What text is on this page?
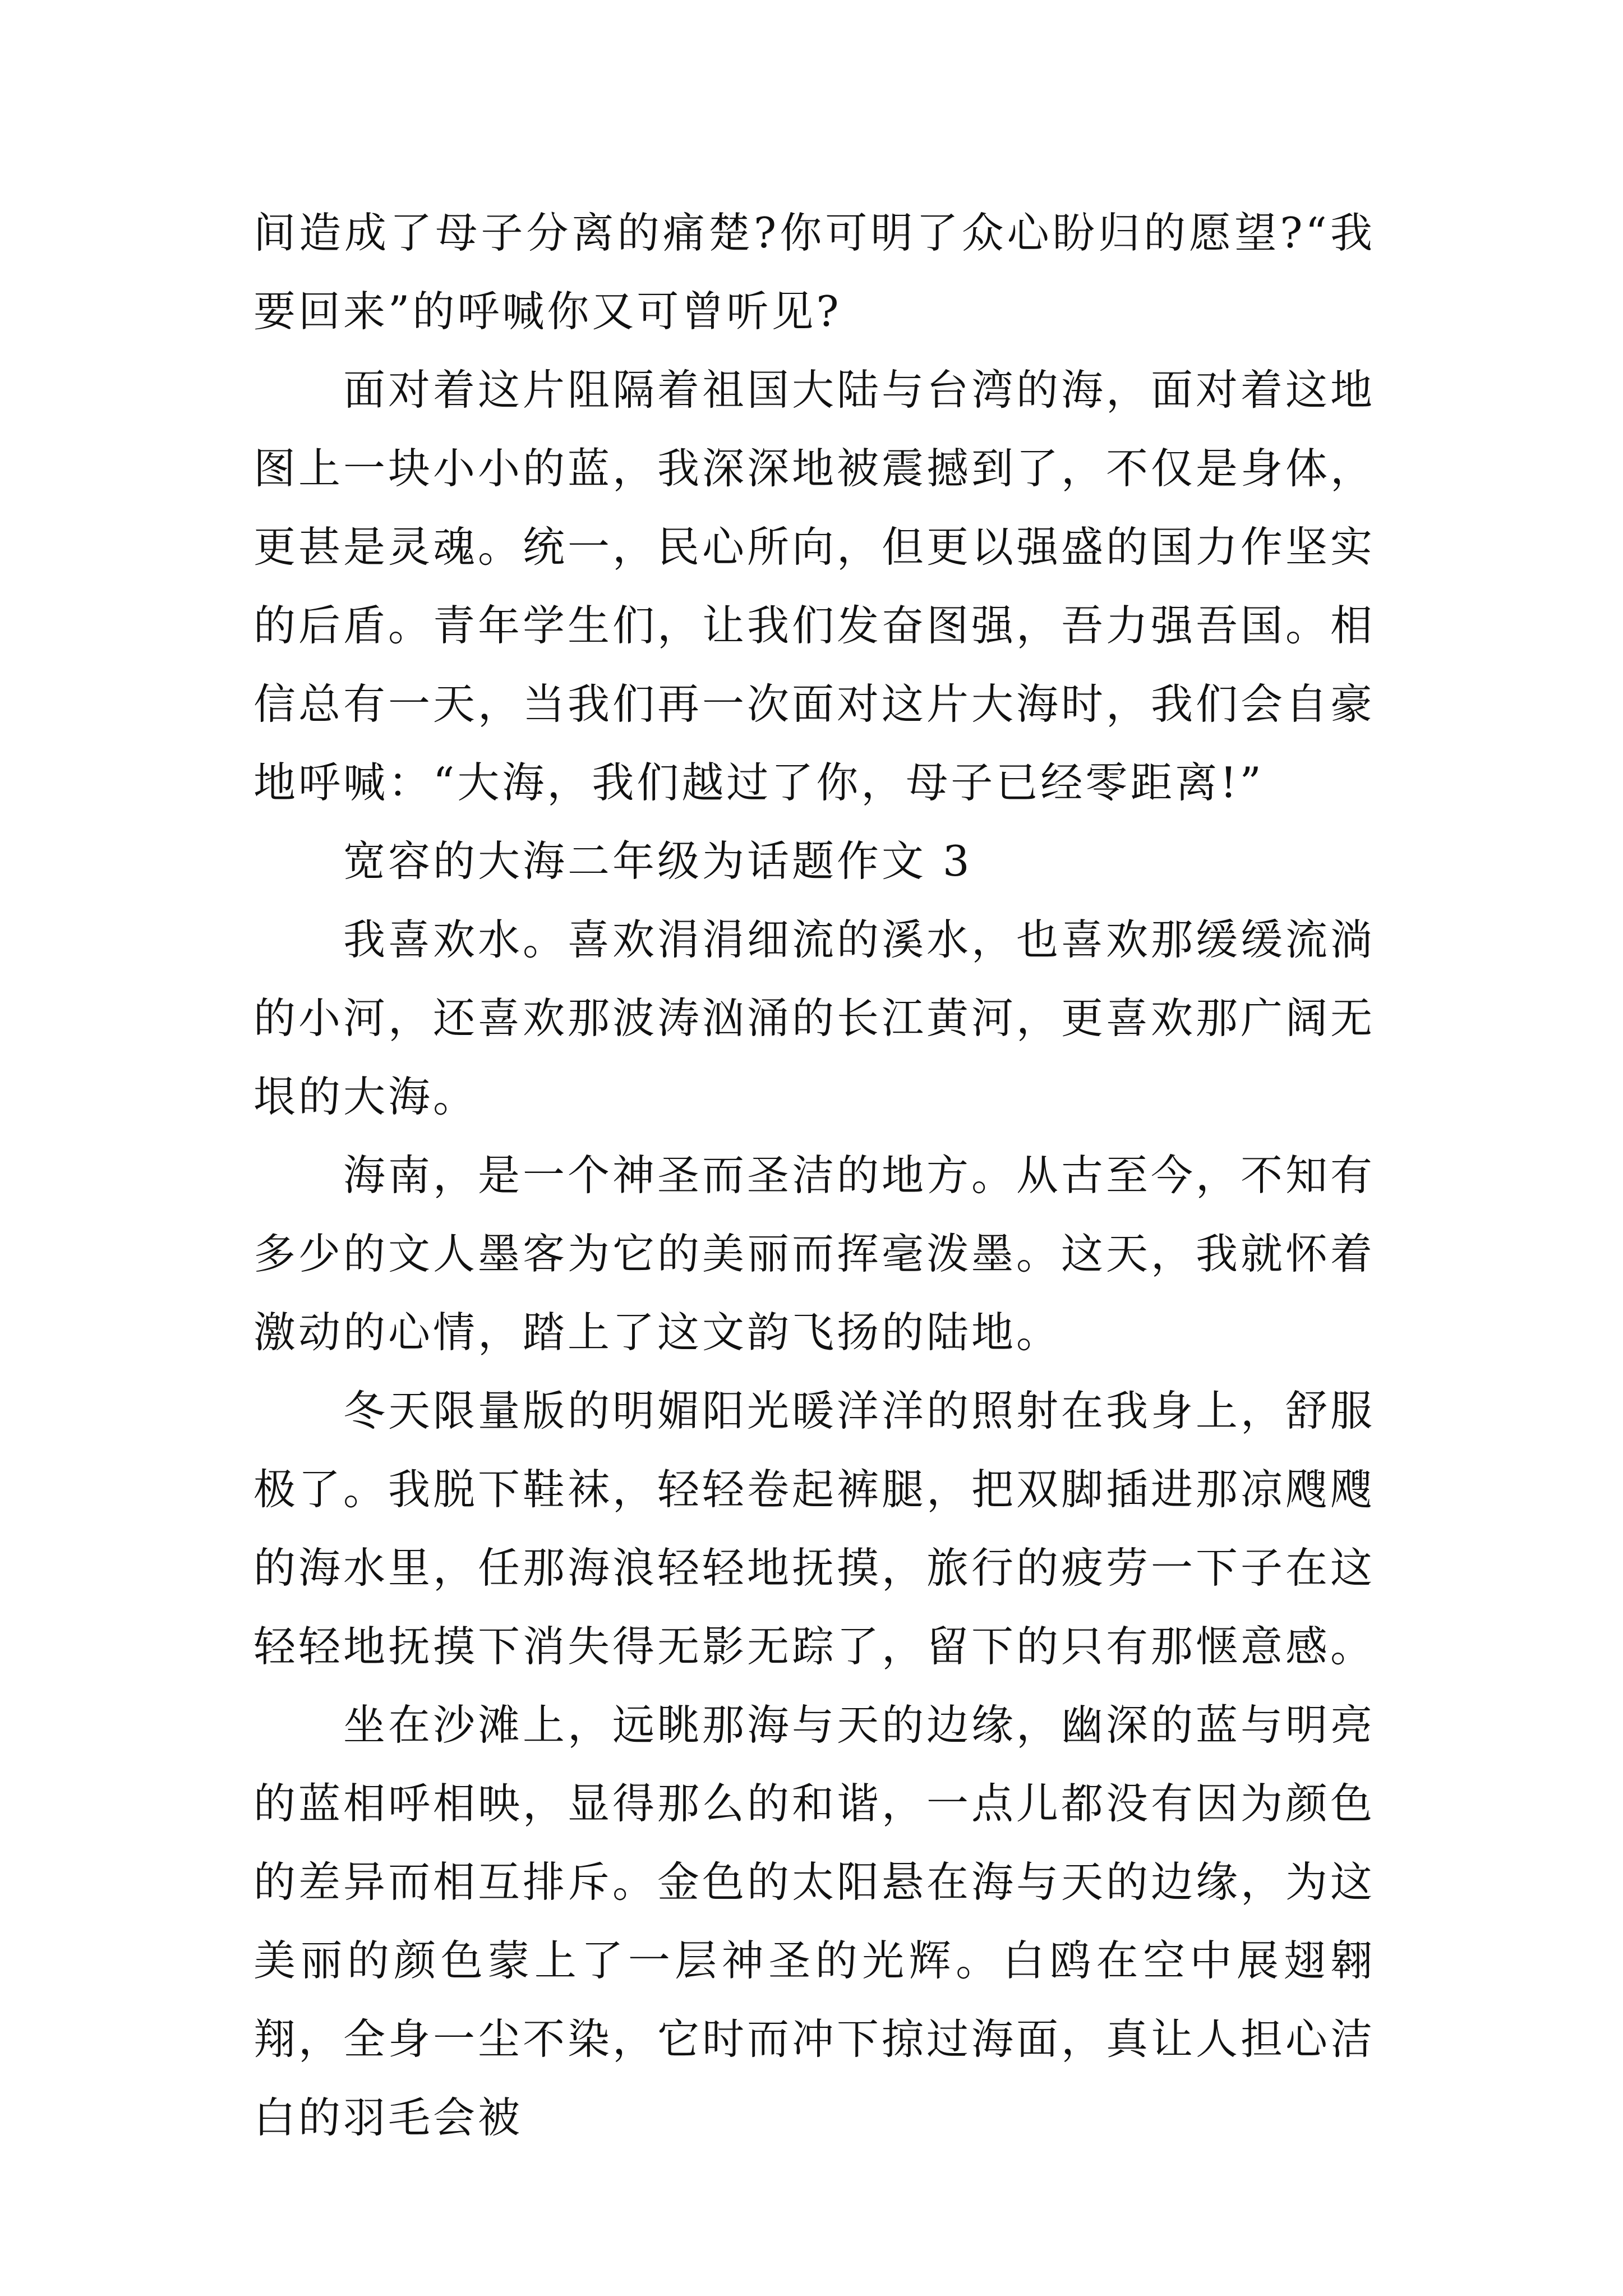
间造成了母子分离的痛楚?你可明了众心盼归的愿望?“我要回来”的呼喊你又可曾听见?

面对着这片阻隔着祖国大陆与台湾的海，面对着这地图上一块小小的蓝，我深深地被震撼到了，不仅是身体，更甚是灵魂。统一，民心所向，但更以强盛的国力作坚实的后盾。青年学生们，让我们发奋图强，吾力强吾国。相信总有一天，当我们再一次面对这片大海时，我们会自豪地呼喊：“大海，我们越过了你，母子已经零距离!”

宽容的大海二年级为话题作文 3

我喜欢水。喜欢涓涓细流的溪水，也喜欢那缓缓流淌的小河，还喜欢那波涛汹涌的长江黄河，更喜欢那广阔无垠的大海。

海南，是一个神圣而圣洁的地方。从古至今，不知有多少的文人墨客为它的美丽而挥毫泼墨。这天，我就怀着激动的心情，踏上了这文韵飞扬的陆地。

冬天限量版的明媚阳光暖洋洋的照射在我身上，舒服极了。我脱下鞋袜，轻轻卷起裤腿，把双脚插进那凉飕飕的海水里，任那海浪轻轻地抚摸，旅行的疲劳一下子在这轻轻地抚摸下消失得无影无踪了，留下的只有那惬意感。

坐在沙滩上，远眺那海与天的边缘，幽深的蓝与明亮的蓝相呼相映，显得那么的和谐，一点儿都没有因为颜色的差异而相互排斥。金色的太阳悬在海与天的边缘，为这美丽的颜色蒙上了一层神圣的光辉。白鸥在空中展翅翱翔，全身一尘不染，它时而冲下掠过海面，真让人担心洁白的羽毛会被
